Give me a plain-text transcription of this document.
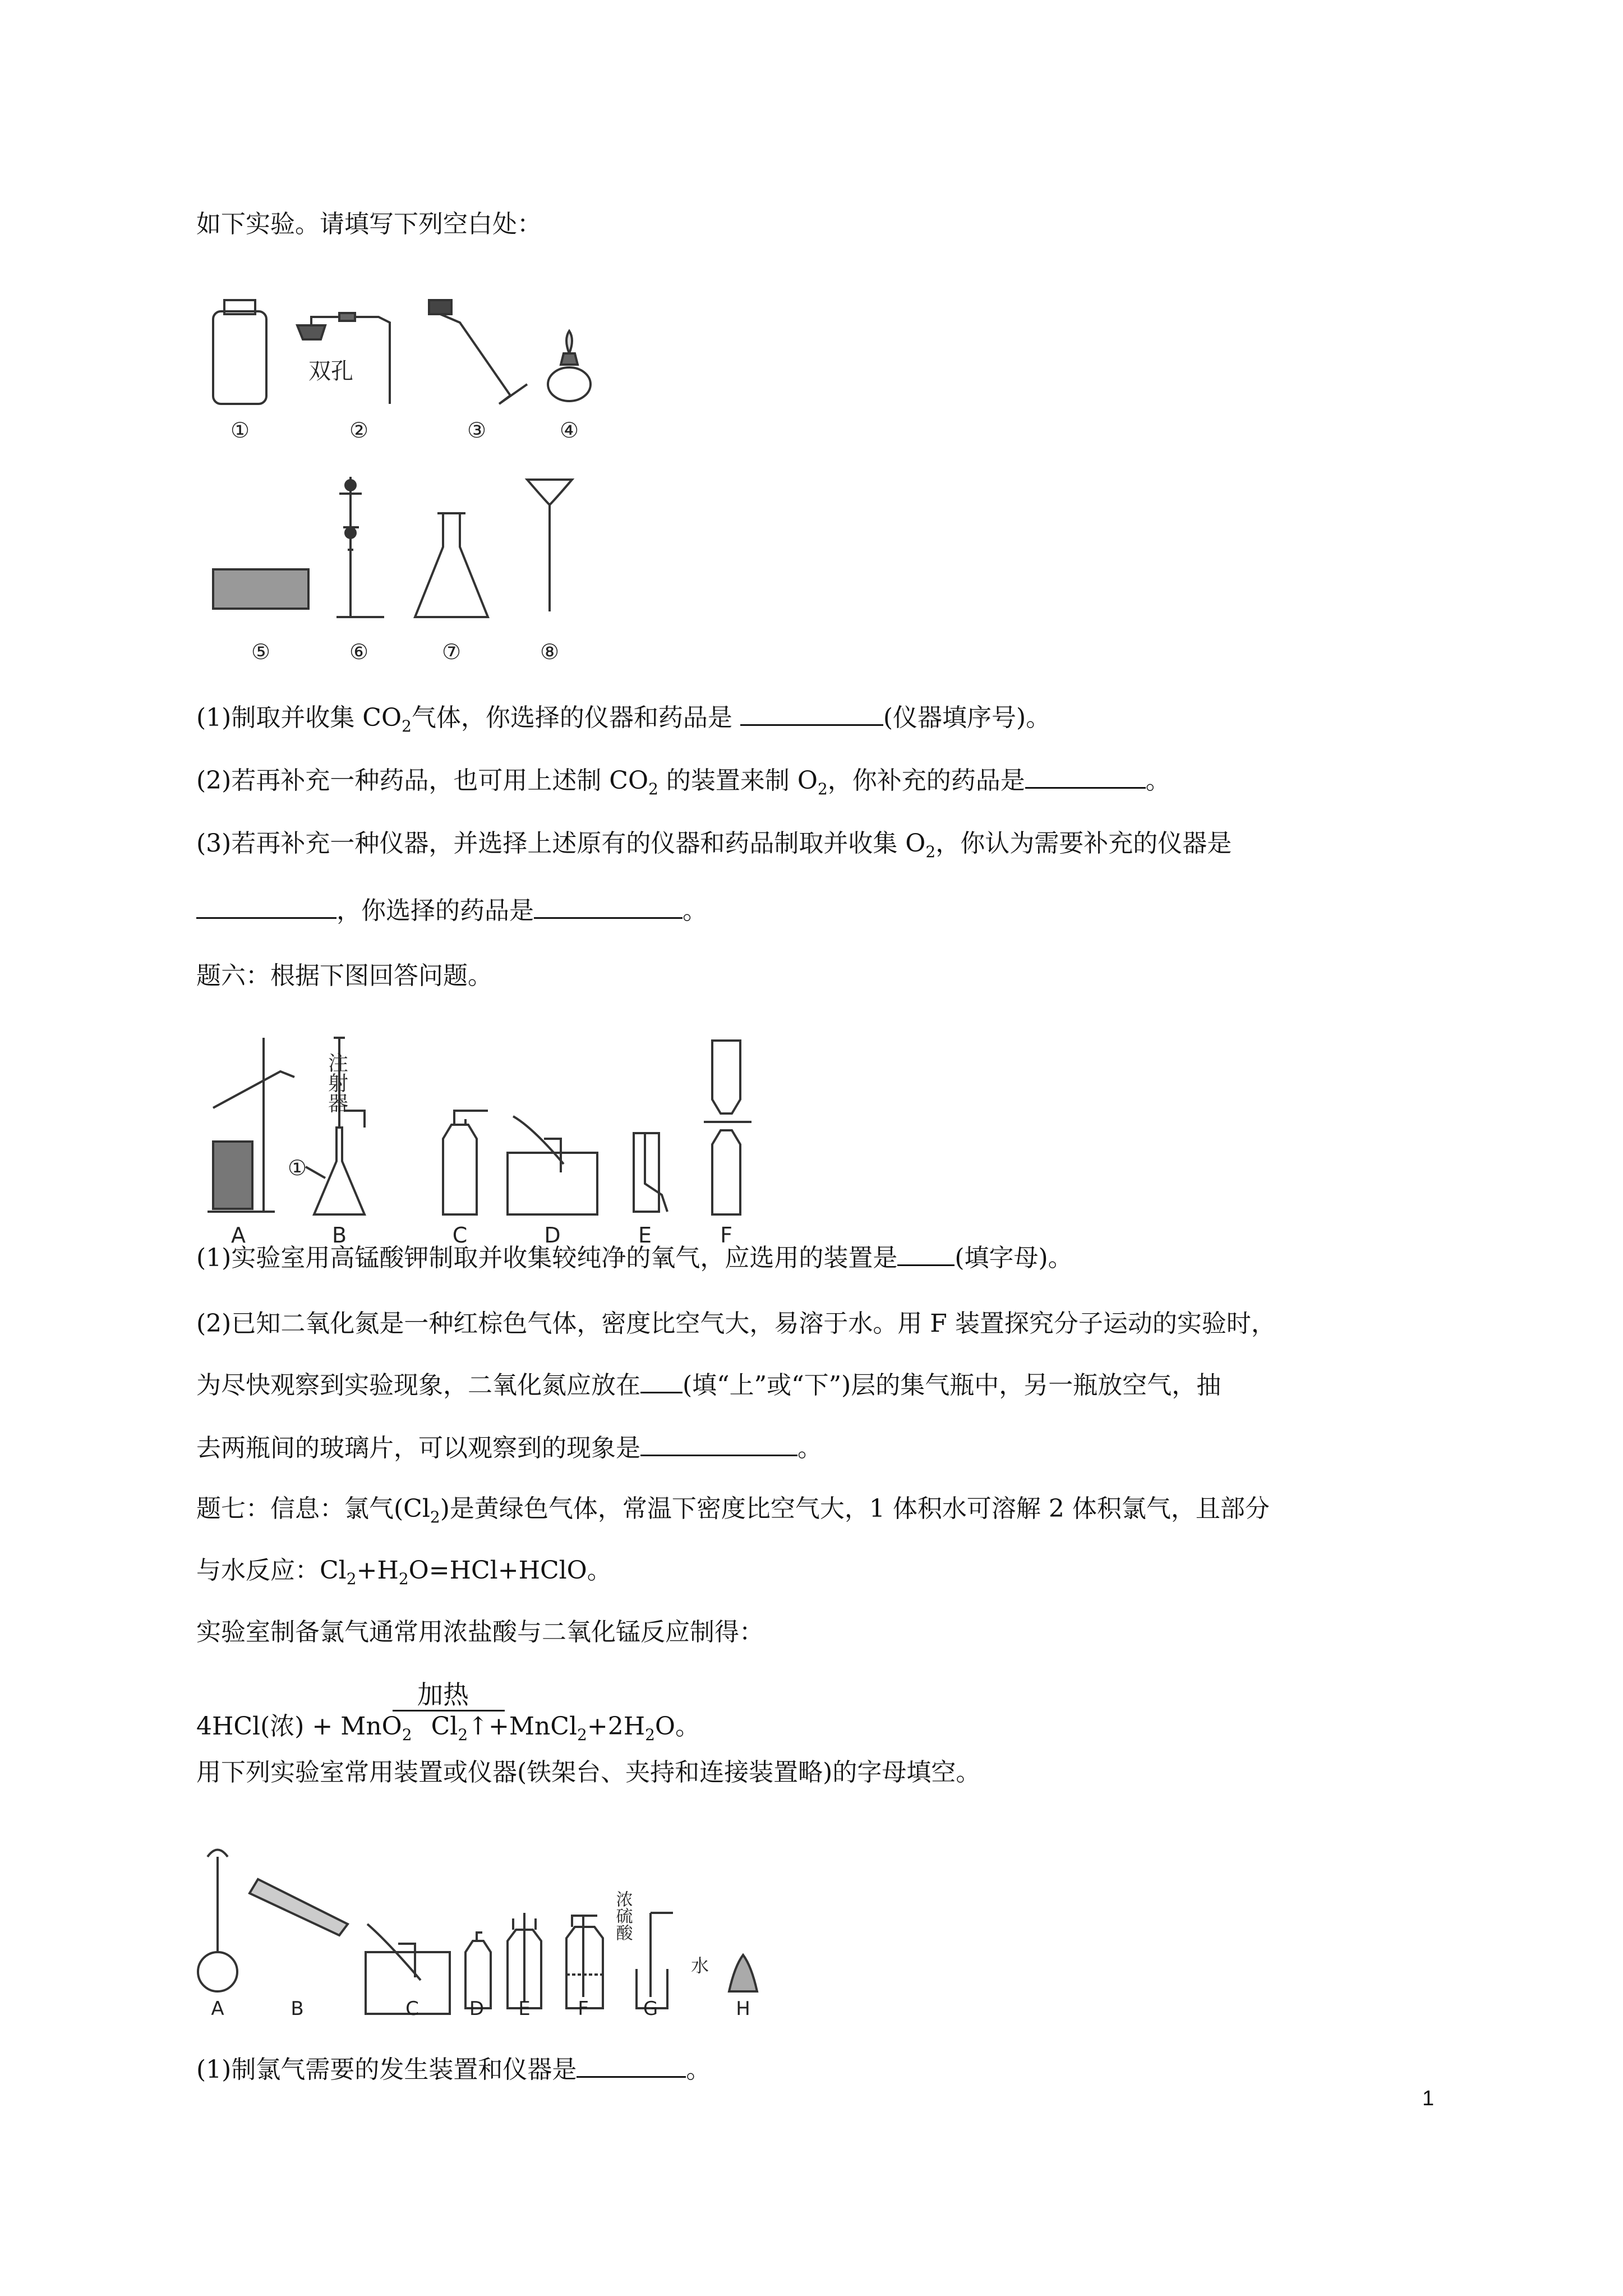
如下实验。请填写下列空白处：
双孔
①	②	③	④
⑤	⑥	⑦	⑧
(1)制取并收集 $CO_2$气体，你选择的仪器和药品是	(仪器填序号)。
(2)若再补充一种药品，也可用上述制 $CO_2$ 的装置来制 $O_2$，你补充的药品是	。
(3)若再补充一种仪器，并选择上述原有的仪器和药品制取并收集 $O_2$，你认为需要补充的仪器是
，你选择的药品是	。
题六：根据下图回答问题。
注射器
①
A	B	C	D	E	F
(1)实验室用高锰酸钾制取并收集较纯净的氧气，应选用的装置是 (填字母)。
(2)已知二氧化氮是一种红棕色气体，密度比空气大，易溶于水。用 F 装置探究分子运动的实验时，
为尽快观察到实验现象，二氧化氮应放在 (填“上”或“下”)层的集气瓶中，另一瓶放空气，抽
去两瓶间的玻璃片，可以观察到的现象是	。
题七：信息：氯气$(Cl_2)$是黄绿色气体，常温下密度比空气大，1 体积水可溶解 2 体积氯气，且部分
与水反应：$Cl_2+H_2O=HCl+HClO$。
实验室制备氯气通常用浓盐酸与二氧化锰反应制得：
加热
4HCl(浓) + MnO$_2$ $Cl_2↑+MnCl_2+2H_2O$。
用下列实验室常用装置或仪器(铁架台、夹持和连接装置略)的字母填空。
浓硫酸
水
A	B	C	D E F	G	H
(1)制氯气需要的发生装置和仪器是	。
1
